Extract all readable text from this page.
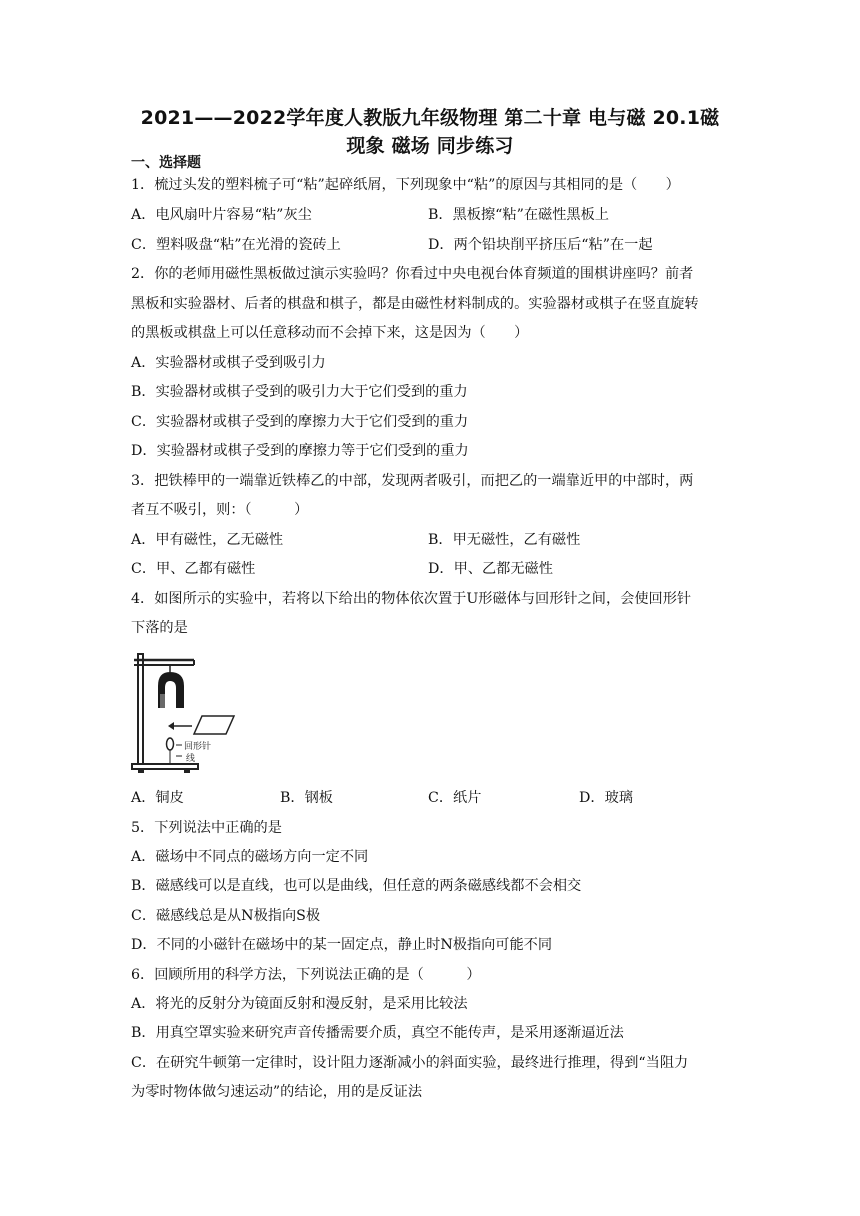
2021——2022学年度人教版九年级物理 第二十章 电与磁 20.1磁
现象 磁场 同步练习
一、选择题
1．梳过头发的塑料梳子可“粘”起碎纸屑，下列现象中“粘”的原因与其相同的是（　　）
A．电风扇叶片容易“粘”灰尘	B．黑板擦“粘”在磁性黑板上
C．塑料吸盘“粘”在光滑的瓷砖上	D．两个铅块削平挤压后“粘”在一起
2．你的老师用磁性黑板做过演示实验吗？你看过中央电视台体育频道的围棋讲座吗？前者
黑板和实验器材、后者的棋盘和棋子，都是由磁性材料制成的。实验器材或棋子在竖直旋转
的黑板或棋盘上可以任意移动而不会掉下来，这是因为（　　）
A．实验器材或棋子受到吸引力
B．实验器材或棋子受到的吸引力大于它们受到的重力
C．实验器材或棋子受到的摩擦力大于它们受到的重力
D．实验器材或棋子受到的摩擦力等于它们受到的重力
3．把铁棒甲的一端靠近铁棒乙的中部，发现两者吸引，而把乙的一端靠近甲的中部时，两
者互不吸引，则：（　　　）
A．甲有磁性，乙无磁性	B．甲无磁性，乙有磁性
C．甲、乙都有磁性	D．甲、乙都无磁性
4．如图所示的实验中，若将以下给出的物体依次置于U形磁体与回形针之间，会使回形针
下落的是
回形针
线
A．铜皮	B．钢板	C．纸片	D．玻璃
5．下列说法中正确的是
A．磁场中不同点的磁场方向一定不同
B．磁感线可以是直线，也可以是曲线，但任意的两条磁感线都不会相交
C．磁感线总是从N极指向S极
D．不同的小磁针在磁场中的某一固定点，静止时N极指向可能不同
6．回顾所用的科学方法，下列说法正确的是（　　　）
A．将光的反射分为镜面反射和漫反射，是采用比较法
B．用真空罩实验来研究声音传播需要介质，真空不能传声，是采用逐渐逼近法
C．在研究牛顿第一定律时，设计阻力逐渐减小的斜面实验，最终进行推理，得到“当阻力
为零时物体做匀速运动”的结论，用的是反证法
